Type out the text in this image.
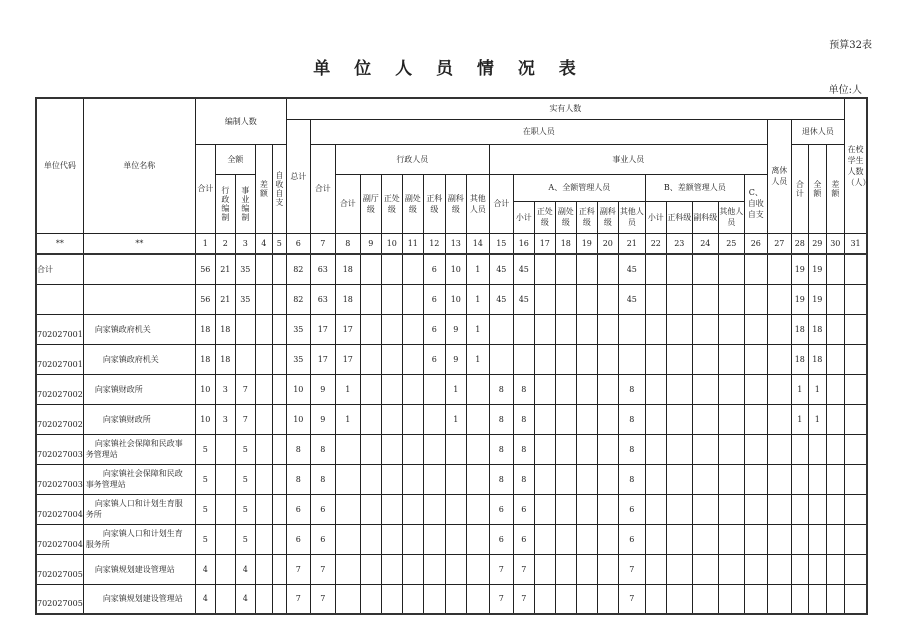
预算32表
单 位 人 员 情 况 表
单位:人
单位代码	单位名称	编制人数					实有人数																									在校学生人数（人）

							总计	在职人员																				离休人员	退休人员			
		合计	全额		差额	自收自支		合计	行政人员							事业人员													合计	全额	差额	

			行政编制	事业编制					合计	副厅级	正处级	副处级	正科级	副科级	其他人员	合计	A、全额管理人员						B、差额管理人员				C、自收自支					
																	小计	正处级	副处级	正科级	副科级	其他人员	小计	正科级	副科级	其他人员						
**	**	1	2	3	4	5	6	7	8	9	10	11	12	13	14	15	16	17	18	19	20	21	22	23	24	25	26	27	28	29	30	31
合计		56	21	35			82	63	18				6	10	1	45	45					45							19	19		
		56	21	35			82	63	18				6	10	1	45	45					45							19	19		
702027001	向家镇政府机关	18	18				35	17	17				6	9	1														18	18		
702027001	向家镇政府机关	18	18				35	17	17				6	9	1														18	18		
702027002	向家镇财政所	10	3	7			10	9	1					1		8	8					8							1	1		
702027002	向家镇财政所	10	3	7			10	9	1					1		8	8					8							1	1		
702027003	向家镇社会保障和民政事务管理站	5		5			8	8								8	8					8										
702027003	向家镇社会保障和民政事务管理站	5		5			8	8								8	8					8										
702027004	向家镇人口和计划生育服务所	5		5			6	6								6	6					6										
702027004	向家镇人口和计划生育服务所	5		5			6	6								6	6					6										
702027005	向家镇规划建设管理站	4		4			7	7								7	7					7										
702027005	向家镇规划建设管理站	4		4			7	7								7	7					7										
